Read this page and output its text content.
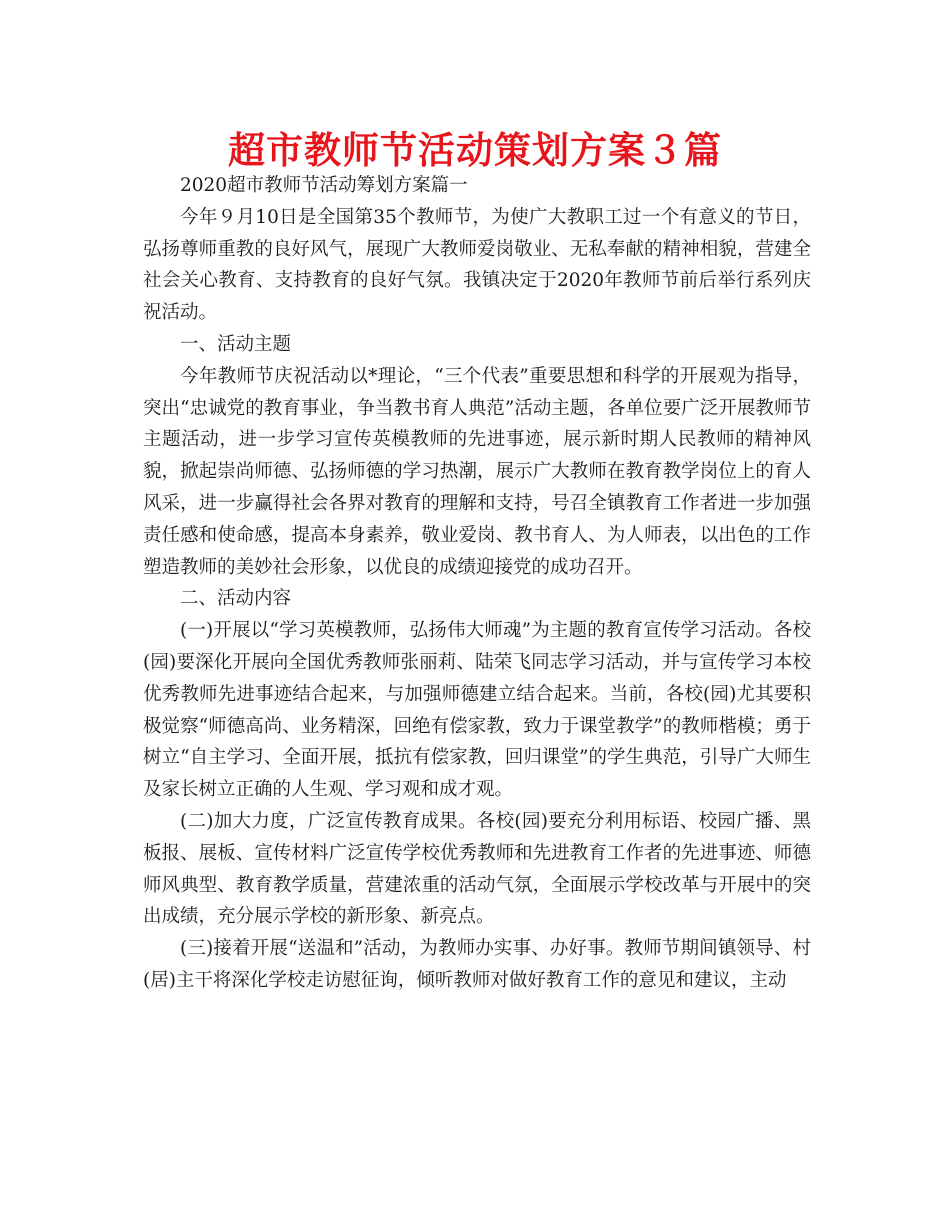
超市教师节活动策划方案３篇

2020超市教师节活动筹划方案篇一

今年９月10日是全国第35个教师节，为使广大教职工过一个有意义的节日，弘扬尊师重教的良好风气，展现广大教师爱岗敬业、无私奉献的精神相貌，营建全社会关心教育、支持教育的良好气氛。我镇决定于2020年教师节前后举行系列庆祝活动。

一、活动主题

今年教师节庆祝活动以*理论，“三个代表”重要思想和科学的开展观为指导，突出“忠诚党的教育事业，争当教书育人典范”活动主题，各单位要广泛开展教师节主题活动，进一步学习宣传英模教师的先进事迹，展示新时期人民教师的精神风貌，掀起崇尚师德、弘扬师德的学习热潮，展示广大教师在教育教学岗位上的育人风采，进一步赢得社会各界对教育的理解和支持，号召全镇教育工作者进一步加强责任感和使命感，提高本身素养，敬业爱岗、教书育人、为人师表，以出色的工作塑造教师的美妙社会形象，以优良的成绩迎接党的成功召开。

二、活动内容

(一)开展以“学习英模教师，弘扬伟大师魂”为主题的教育宣传学习活动。各校(园)要深化开展向全国优秀教师张丽莉、陆荣飞同志学习活动，并与宣传学习本校优秀教师先进事迹结合起来，与加强师德建立结合起来。当前，各校(园)尤其要积极觉察“师德高尚、业务精深，回绝有偿家教，致力于课堂教学”的教师楷模；勇于树立“自主学习、全面开展，抵抗有偿家教，回归课堂”的学生典范，引导广大师生及家长树立正确的人生观、学习观和成才观。

(二)加大力度，广泛宣传教育成果。各校(园)要充分利用标语、校园广播、黑板报、展板、宣传材料广泛宣传学校优秀教师和先进教育工作者的先进事迹、师德师风典型、教育教学质量，营建浓重的活动气氛，全面展示学校改革与开展中的突出成绩，充分展示学校的新形象、新亮点。

(三)接着开展“送温和”活动，为教师办实事、办好事。教师节期间镇领导、村(居)主干将深化学校走访慰征询，倾听教师对做好教育工作的意见和建议，主动
